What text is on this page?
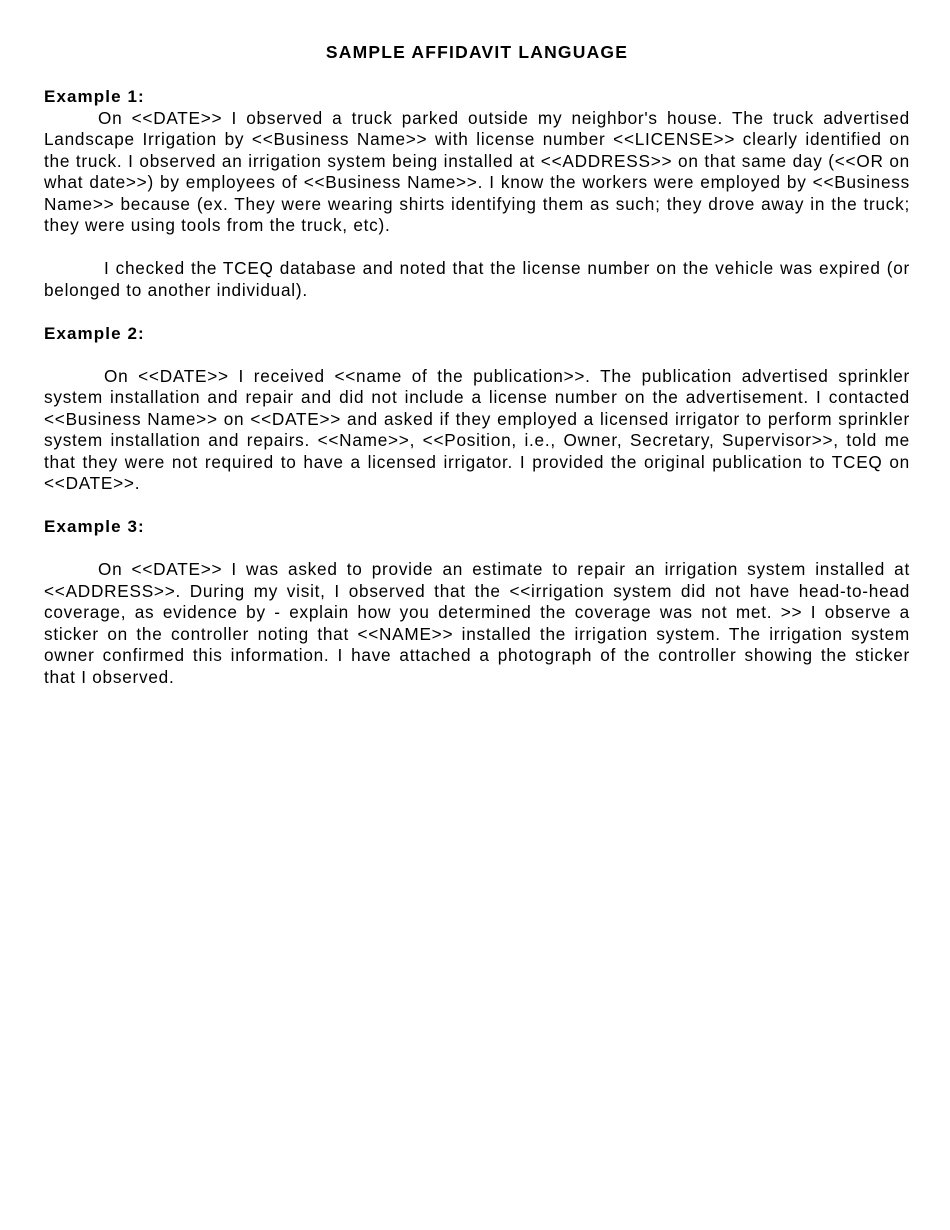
SAMPLE AFFIDAVIT LANGUAGE
Example 1:

On <<DATE>> I observed a truck parked outside my neighbor's house. The truck advertised Landscape Irrigation by <<Business Name>> with license number <<LICENSE>> clearly identified on the truck. I observed an irrigation system being installed at <<ADDRESS>> on that same day (<<OR on what date>>) by employees of <<Business Name>>. I know the workers were employed by <<Business Name>> because (ex. They were wearing shirts identifying them as such; they drove away in the truck; they were using tools from the truck, etc).

I checked the TCEQ database and noted that the license number on the vehicle was expired (or belonged to another individual).

Example 2:

On <<DATE>> I received <<name of the publication>>. The publication advertised sprinkler system installation and repair and did not include a license number on the advertisement. I contacted <<Business Name>> on <<DATE>> and asked if they employed a licensed irrigator to perform sprinkler system installation and repairs. <<Name>>, <<Position, i.e., Owner, Secretary, Supervisor>>, told me that they were not required to have a licensed irrigator. I provided the original publication to TCEQ on <<DATE>>.

Example 3:

On <<DATE>> I was asked to provide an estimate to repair an irrigation system installed at <<ADDRESS>>. During my visit, I observed that the <<irrigation system did not have head-to-head coverage, as evidence by - explain how you determined the coverage was not met. >> I observe a sticker on the controller noting that <<NAME>> installed the irrigation system. The irrigation system owner confirmed this information. I have attached a photograph of the controller showing the sticker that I observed.
